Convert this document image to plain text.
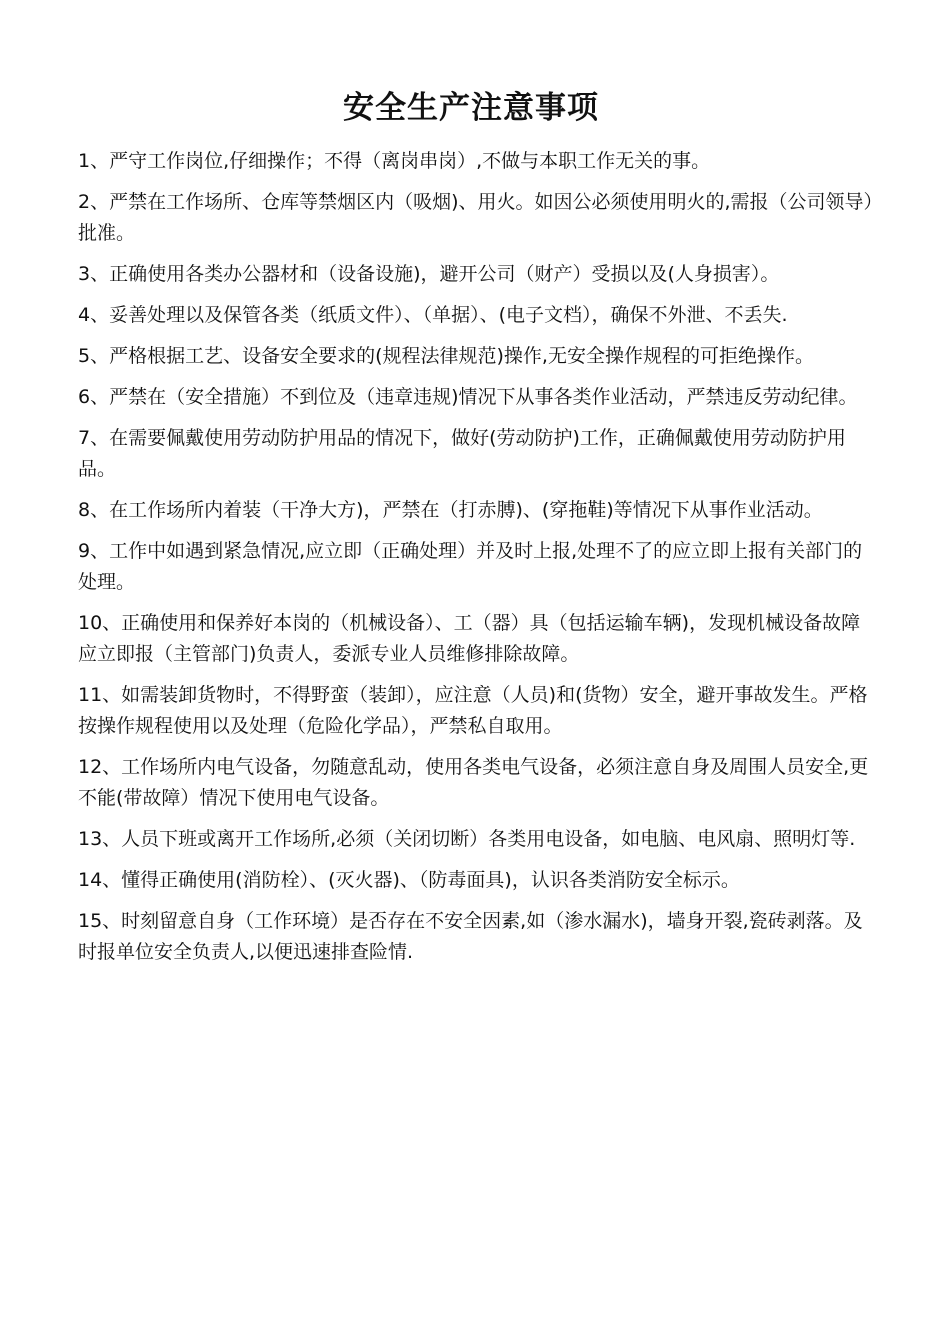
安全生产注意事项
1、严守工作岗位,仔细操作；不得（离岗串岗）,不做与本职工作无关的事。
2、严禁在工作场所、仓库等禁烟区内（吸烟)、用火。如因公必须使用明火的,需报（公司领导）批准。
3、正确使用各类办公器材和（设备设施)，避开公司（财产）受损以及(人身损害）。
4、妥善处理以及保管各类（纸质文件）、（单据）、(电子文档），确保不外泄、不丢失.
5、严格根据工艺、设备安全要求的(规程法律规范)操作,无安全操作规程的可拒绝操作。
6、严禁在（安全措施）不到位及（违章违规)情况下从事各类作业活动，严禁违反劳动纪律。
7、在需要佩戴使用劳动防护用品的情况下，做好(劳动防护)工作，正确佩戴使用劳动防护用品。
8、在工作场所内着装（干净大方)，严禁在（打赤膊)、(穿拖鞋)等情况下从事作业活动。
9、工作中如遇到紧急情况,应立即（正确处理）并及时上报,处理不了的应立即上报有关部门的处理。
10、正确使用和保养好本岗的（机械设备）、工（器）具（包括运输车辆)，发现机械设备故障应立即报（主管部门)负责人，委派专业人员维修排除故障。
11、如需装卸货物时，不得野蛮（装卸），应注意（人员)和(货物）安全，避开事故发生。严格按操作规程使用以及处理（危险化学品），严禁私自取用。
12、工作场所内电气设备，勿随意乱动，使用各类电气设备，必须注意自身及周围人员安全,更不能(带故障）情况下使用电气设备。
13、人员下班或离开工作场所,必须（关闭切断）各类用电设备，如电脑、电风扇、照明灯等.
14、懂得正确使用(消防栓）、(灭火器)、（防毒面具)，认识各类消防安全标示。
15、时刻留意自身（工作环境）是否存在不安全因素,如（渗水漏水)，墙身开裂,瓷砖剥落。及时报单位安全负责人,以便迅速排查险情.
